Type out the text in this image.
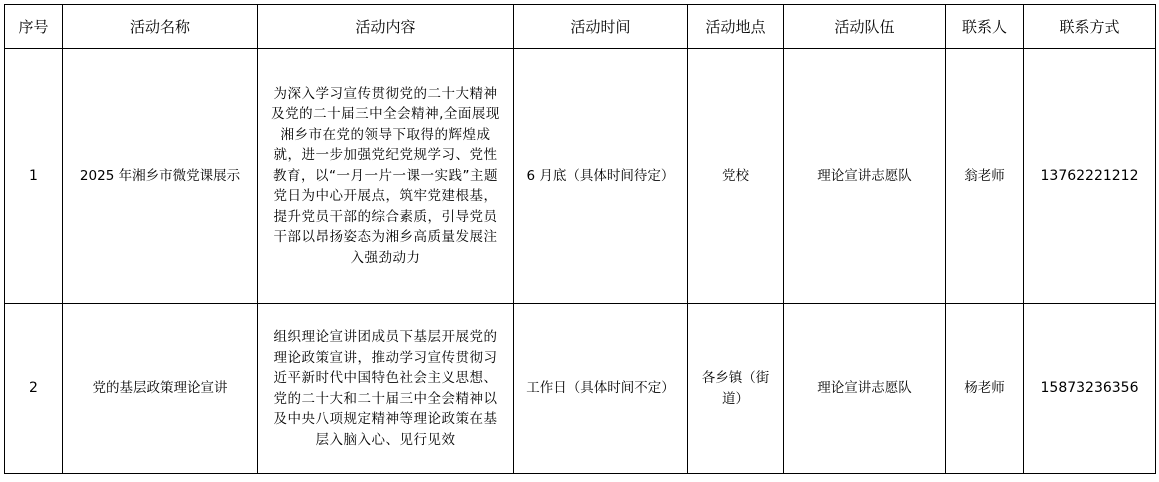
序号	活动名称	活动内容	活动时间	活动地点	活动队伍	联系人	联系方式
1	2025 年湘乡市微党课展示	为深入学习宣传贯彻党的二十大精神及党的二十届三中全会精神,全面展现湘乡市在党的领导下取得的辉煌成就，进一步加强党纪党规学习、党性教育，以“一月一片一课一实践”主题党日为中心开展点，筑牢党建根基，提升党员干部的综合素质，引导党员干部以昂扬姿态为湘乡高质量发展注入强劲动力	6 月底（具体时间待定）	党校	理论宣讲志愿队	翁老师	13762221212
2	党的基层政策理论宣讲	组织理论宣讲团成员下基层开展党的理论政策宣讲，推动学习宣传贯彻习近平新时代中国特色社会主义思想、党的二十大和二十届三中全会精神以及中央八项规定精神等理论政策在基层入脑入心、见行见效	工作日（具体时间不定）	各乡镇（街道）	理论宣讲志愿队	杨老师	15873236356
